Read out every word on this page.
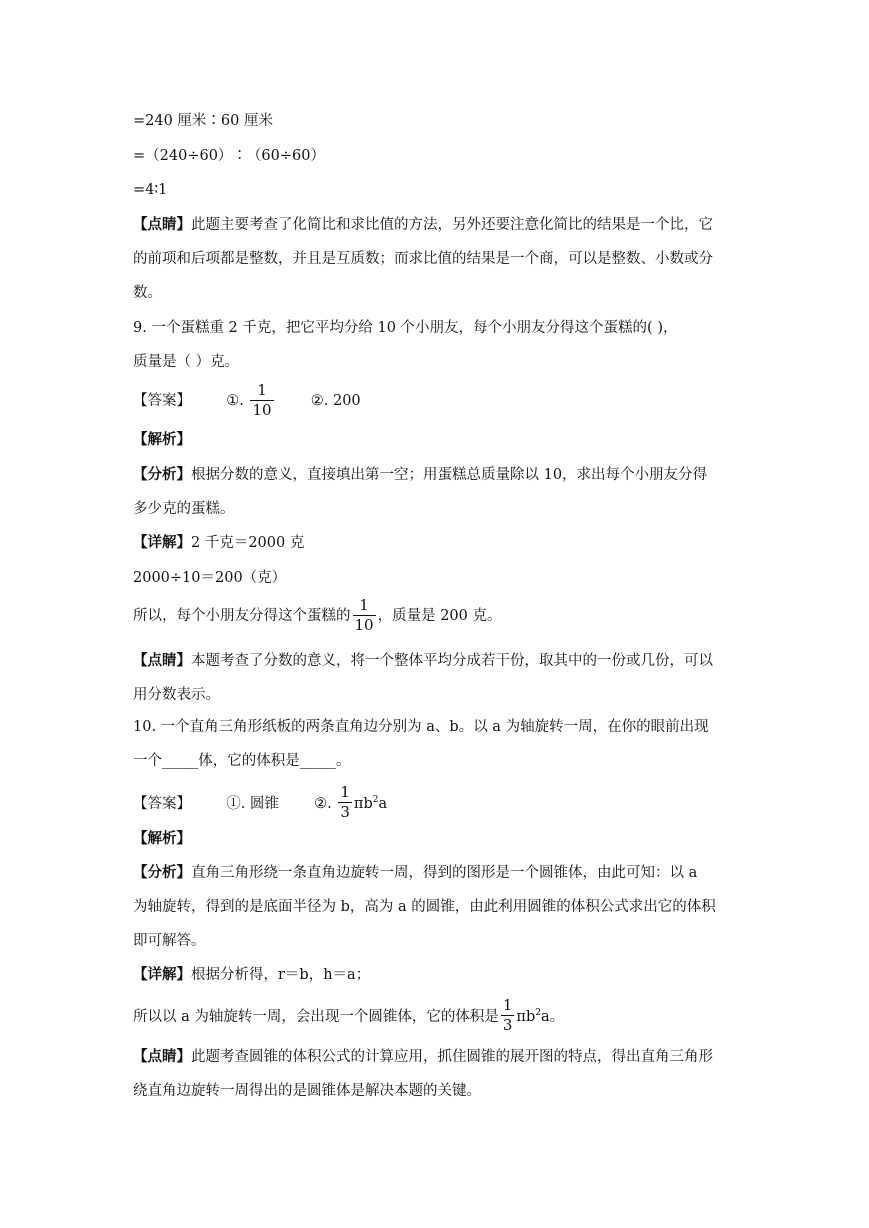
=240 厘米∶60 厘米
=（240÷60）∶（60÷60）
=4∶1
【点睛】此题主要考查了化简比和求比值的方法，另外还要注意化简比的结果是一个比，它
的前项和后项都是整数，并且是互质数；而求比值的结果是一个商，可以是整数、小数或分
数。
9. 一个蛋糕重 2 千克，把它平均分给 10 个小朋友，每个小朋友分得这个蛋糕的( )，
质量是（ ）克。
【答案】 ①. $\frac{1}{10}$	②. 200
【解析】
【分析】根据分数的意义，直接填出第一空；用蛋糕总质量除以 10，求出每个小朋友分得
多少克的蛋糕。
【详解】2 千克＝2000 克
2000÷10＝200（克）
所以，每个小朋友分得这个蛋糕的 $\frac{1}{10}$ ，质量是 200 克。
【点睛】本题考查了分数的意义，将一个整体平均分成若干份，取其中的一份或几份，可以
用分数表示。
10. 一个直角三角形纸板的两条直角边分别为 a、b。以 a 为轴旋转一周，在你的眼前出现
一个_____体，它的体积是_____。
【答案】 ①. 圆锥 ②. $\frac{1}{3} \pi b^2a$
【解析】
【分析】直角三角形绕一条直角边旋转一周，得到的图形是一个圆锥体，由此可知：以 a
为轴旋转，得到的是底面半径为 b，高为 a 的圆锥，由此利用圆锥的体积公式求出它的体积
即可解答。
【详解】根据分析得，r＝b，h＝a；
所以以 a 为轴旋转一周，会出现一个圆锥体，它的体积是 $\frac{1}{3} \pi b^2a$。
【点睛】此题考查圆锥的体积公式的计算应用，抓住圆锥的展开图的特点，得出直角三角形
绕直角边旋转一周得出的是圆锥体是解决本题的关键。
